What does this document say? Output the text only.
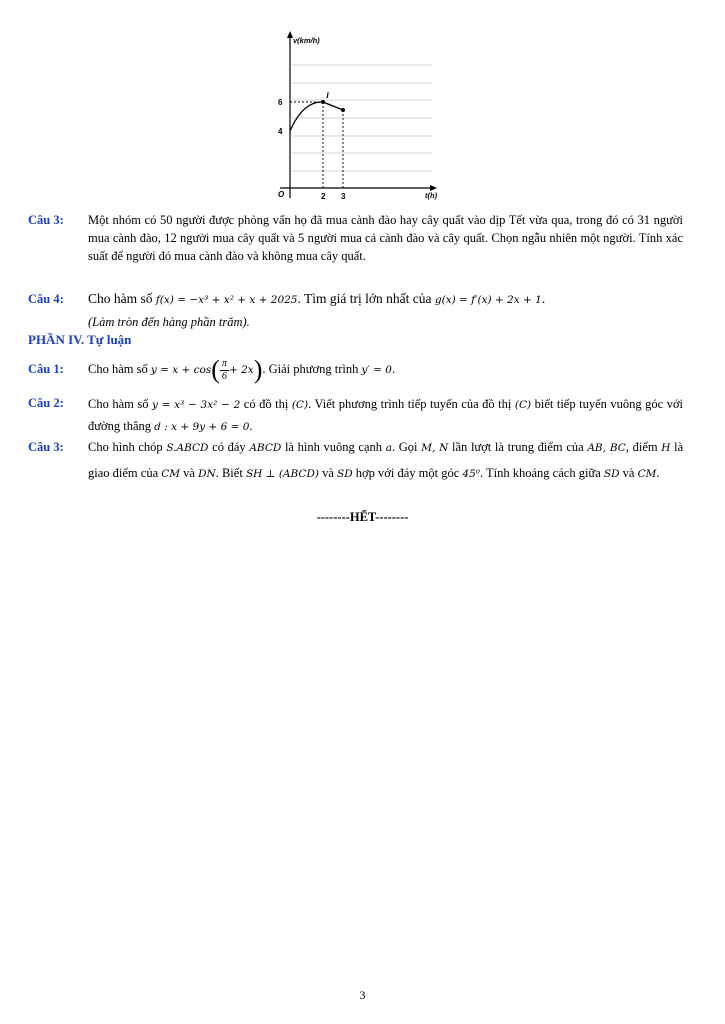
v(km/h)
t(h)
O
6
4
2 3
I
Câu 3: Một nhóm có 50 người được phỏng vấn họ đã mua cành đào hay cây quất vào dịp Tết vừa qua, trong đó có 31 người mua cành đào, 12 người mua cây quất và 5 người mua cả cành đào và cây quất. Chọn ngẫu nhiên một người. Tính xác suất để người đó mua cành đào và không mua cây quất.
Câu 4: Cho hàm số f(x) = −x³ + x² + x + 2025. Tìm giá trị lớn nhất của g(x) = f′(x) + 2x + 1.
(Làm tròn đến hàng phần trăm).
PHẦN IV. Tự luận
Câu 1: Cho hàm số $y = x + \cos( \frac{\pi}{6} + 2x)$. Giải phương trình y′ = 0.
Câu 2: Cho hàm số y = x³ − 3x² − 2 có đồ thị (C). Viết phương trình tiếp tuyến của đồ thị (C) biết tiếp tuyến vuông góc với đường thẳng d : x + 9y + 6 = 0.
Câu 3: Cho hình chóp S.ABCD có đáy ABCD là hình vuông cạnh a. Gọi M, N lần lượt là trung điểm của AB, BC, điểm H là giao điểm của CM và DN. Biết SH ⊥ (ABCD) và SD hợp với đáy một góc 45⁰. Tính khoảng cách giữa SD và CM.
--------HẾT--------
3
